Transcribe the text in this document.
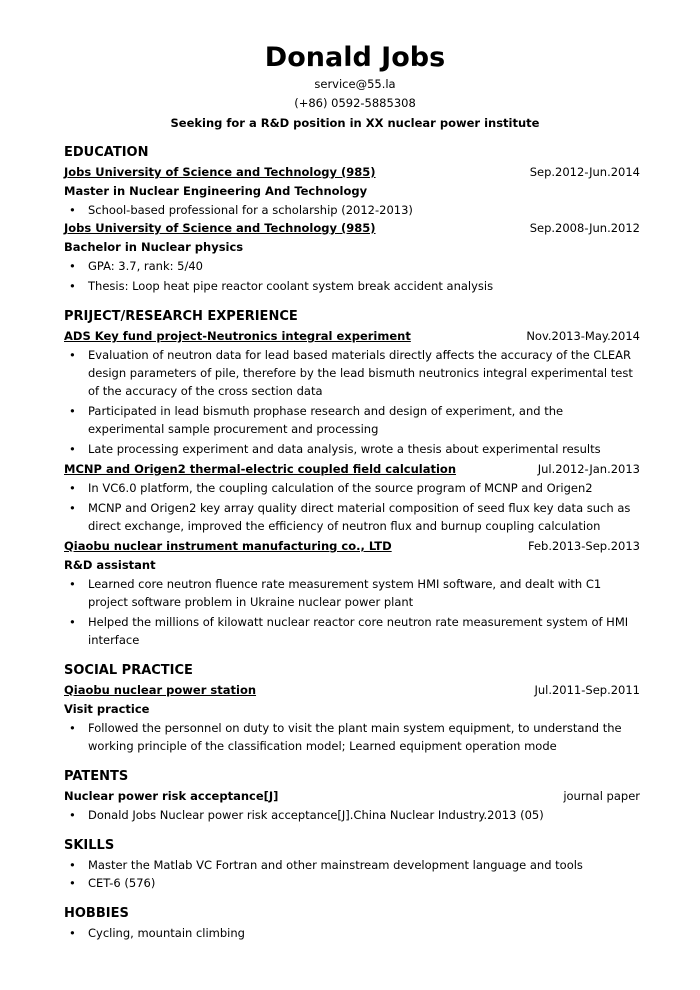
Donald Jobs
service@55.la
(+86) 0592-5885308
Seeking for a R&D position in XX nuclear power institute
EDUCATION
Jobs University of Science and Technology (985)	Sep.2012-Jun.2014
Master in Nuclear Engineering And Technology
• School-based professional for a scholarship (2012-2013)
Jobs University of Science and Technology (985)	Sep.2008-Jun.2012
Bachelor in Nuclear physics
• GPA: 3.7, rank: 5/40
• Thesis: Loop heat pipe reactor coolant system break accident analysis
PRIJECT/RESEARCH EXPERIENCE
ADS Key fund project-Neutronics integral experiment	Nov.2013-May.2014
• Evaluation of neutron data for lead based materials directly affects the accuracy of the CLEAR design parameters of pile, therefore by the lead bismuth neutronics integral experimental test of the accuracy of the cross section data
• Participated in lead bismuth prophase research and design of experiment, and the experimental sample procurement and processing
• Late processing experiment and data analysis, wrote a thesis about experimental results
MCNP and Origen2 thermal-electric coupled field calculation	Jul.2012-Jan.2013
• In VC6.0 platform, the coupling calculation of the source program of MCNP and Origen2
• MCNP and Origen2 key array quality direct material composition of seed flux key data such as direct exchange, improved the efficiency of neutron flux and burnup coupling calculation
Qiaobu nuclear instrument manufacturing co., LTD	Feb.2013-Sep.2013
R&D assistant
• Learned core neutron fluence rate measurement system HMI software, and dealt with C1 project software problem in Ukraine nuclear power plant
• Helped the millions of kilowatt nuclear reactor core neutron rate measurement system of HMI interface
SOCIAL PRACTICE
Qiaobu nuclear power station	Jul.2011-Sep.2011
Visit practice
• Followed the personnel on duty to visit the plant main system equipment, to understand the working principle of the classification model; Learned equipment operation mode
PATENTS
Nuclear power risk acceptance[J]	journal paper
• Donald Jobs Nuclear power risk acceptance[J].China Nuclear Industry.2013 (05)
SKILLS
• Master the Matlab VC Fortran and other mainstream development language and tools
• CET-6 (576)
HOBBIES
• Cycling, mountain climbing
